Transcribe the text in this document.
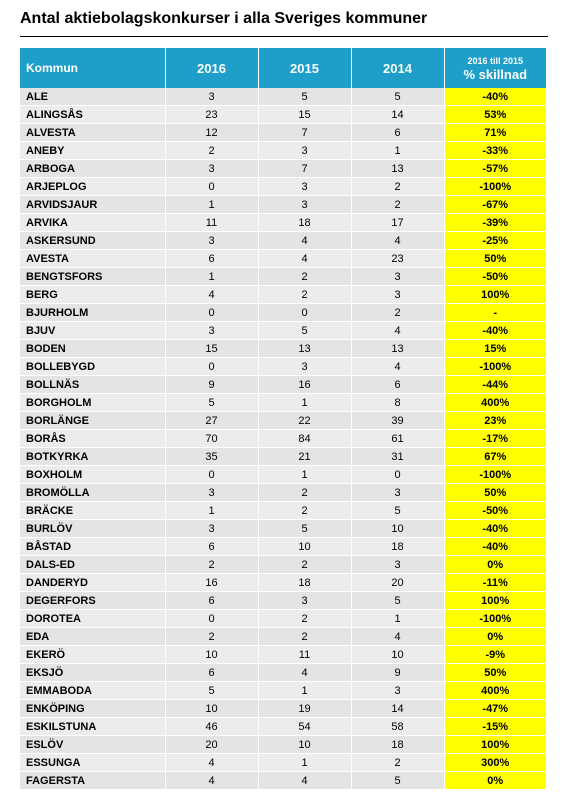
Antal aktiebolagskonkurser i alla Sveriges kommuner
Kommun	2016	2015	2014	2016 till 2015
% skillnad

ALE	3	5	5	-40%
ALINGSÅS	23	15	14	53%
ALVESTA	12	7	6	71%
ANEBY	2	3	1	-33%
ARBOGA	3	7	13	-57%
ARJEPLOG	0	3	2	-100%
ARVIDSJAUR	1	3	2	-67%
ARVIKA	11	18	17	-39%
ASKERSUND	3	4	4	-25%
AVESTA	6	4	23	50%
BENGTSFORS	1	2	3	-50%
BERG	4	2	3	100%
BJURHOLM	0	0	2	-
BJUV	3	5	4	-40%
BODEN	15	13	13	15%
BOLLEBYGD	0	3	4	-100%
BOLLNÄS	9	16	6	-44%
BORGHOLM	5	1	8	400%
BORLÄNGE	27	22	39	23%
BORÅS	70	84	61	-17%
BOTKYRKA	35	21	31	67%
BOXHOLM	0	1	0	-100%
BROMÖLLA	3	2	3	50%
BRÄCKE	1	2	5	-50%
BURLÖV	3	5	10	-40%
BÅSTAD	6	10	18	-40%
DALS-ED	2	2	3	0%
DANDERYD	16	18	20	-11%
DEGERFORS	6	3	5	100%
DOROTEA	0	2	1	-100%
EDA	2	2	4	0%
EKERÖ	10	11	10	-9%
EKSJÖ	6	4	9	50%
EMMABODA	5	1	3	400%
ENKÖPING	10	19	14	-47%
ESKILSTUNA	46	54	58	-15%
ESLÖV	20	10	18	100%
ESSUNGA	4	1	2	300%
FAGERSTA	4	4	5	0%
